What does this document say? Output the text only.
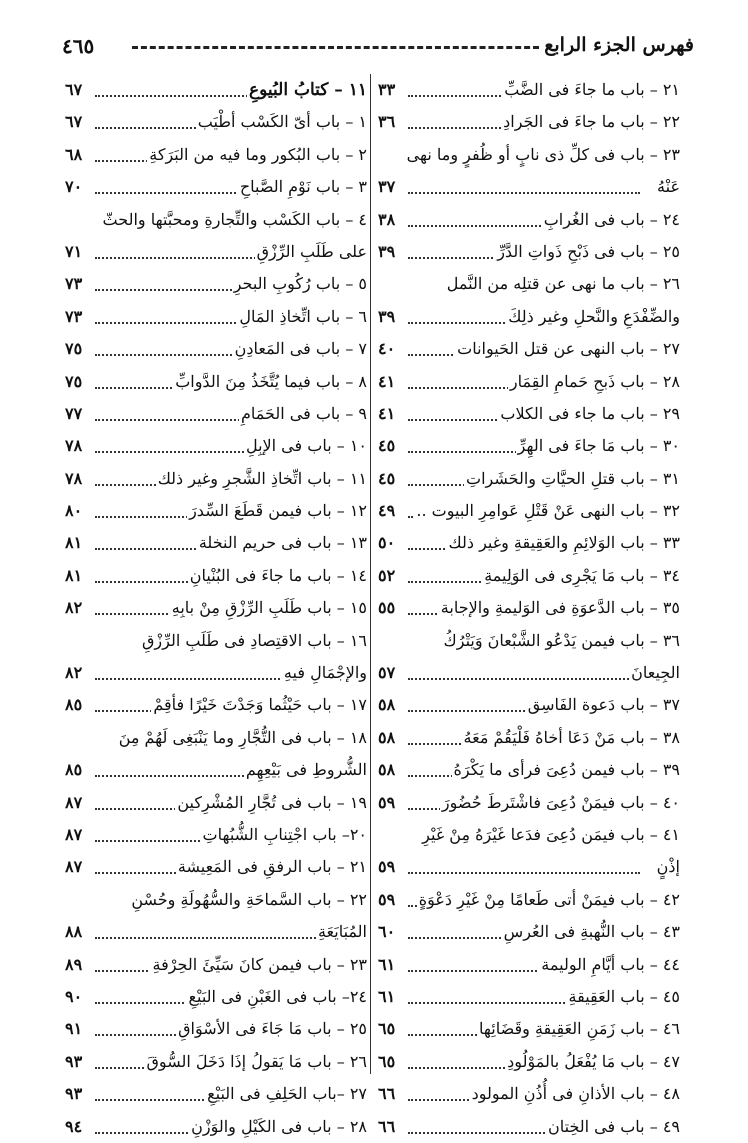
فهرس الجزء الرابع
٤٦٥
٢١ – باب ما جاءَ فى الضَّبِّ
٣٣
٢٢ – باب ما جاءَ فى الجَرادِ
٣٦
٢٣ – باب فى كلِّ ذى نابٍ أو ظُفرٍ وما نهى
عَنْهُ
٣٧
٢٤ – باب فى الغُرابِ
٣٨
٢٥ – باب فى ذَبْحِ ذَواتِ الدَّرِّ
٣٩
٢٦ – باب ما نهى عن قتلِه من النَّمل
والضِّفْدَعِ والنَّحلِ وغير ذلِكَ
٣٩
٢٧ – باب النهى عن قتل الحَيوانات
٤٠
٢٨ – باب ذَبحِ حَمامِ القِمَار
٤١
٢٩ – باب ما جاء فى الكلاب
٤١
٣٠ – باب مَا جاءَ فى الهِرِّ
٤٥
٣١ – باب قتلِ الحيَّاتِ والحَشَراتِ
٤٥
٣٢ – باب النهى عَنْ قَتْلِ عَوامِرِ البيوت ..
٤٩
٣٣ – باب الوَلائِمِ والعَقِيقةِ وغير ذلك
٥٠
٣٤ – باب مَا يَجْرِى فى الوَلِيمةِ
٥٢
٣٥ – باب الدَّعوَةِ فى الوَليمةِ والإجابة
٥٥
٣٦ – باب فيمن يَدْعُو الشَّبْعانَ وَيَتْرُكُ
الجِيعانَ
٥٧
٣٧ – باب دَعوة الفَاسِق
٥٨
٣٨ – باب مَنْ دَعَا أخاهُ فَلْيَقُمْ مَعَهُ
٥٨
٣٩ – باب فيمن دُعِىَ فرأى ما يَكْرَهُ
٥٨
٤٠ – باب فيمَنْ دُعِىَ فاشْتَرطَ حُضُورَ
٥٩
٤١ – باب فيمَن دُعِىَ فدَعا غَيْرَهُ مِنْ غَيْرِ
إذْنٍ
٥٩
٤٢ – باب فيمَنْ أتى طَعامًا مِنْ غَيْرِ دَعْوَةٍ
٥٩
٤٣ – باب النُّهبةِ فى العُرسِ
٦٠
٤٤ – باب أيَّامِ الوليمة
٦١
٤٥ – باب العَقِيقةِ
٦١
٤٦ – باب زَمَنِ العَقِيقةِ وقَضَائِها
٦٥
٤٧ – باب مَا يُفْعَلُ بالمَوْلُودِ
٦٥
٤٨ – باب الأذانِ فى أُذُنِ المولود
٦٦
٤٩ – باب فى الخِتان
٦٦
١١ – كتابُ البُيوعِ
٦٧
١ – باب أىّ الكَسْب أطْيَب
٦٧
٢ – باب البُكور وما فيه من البَرَكةِ
٦٨
٣ – باب نَوْمِ الصَّباحِ
٧٠
٤ – باب الكَسْب والتِّجارةِ ومحبَّتها والحثّ
على طَلَبِ الرِّزْقِ
٧١
٥ – باب رُكُوبِ البحرِ
٧٣
٦ – باب اتِّخاذِ المَالِ
٧٣
٧ – باب فى المَعادِنِ
٧٥
٨ – باب فيما يُتَّخَذُ مِنَ الدَّوابِّ
٧٥
٩ – باب فى الحَمَامِ
٧٧
١٠ – باب فى الإبِلِ
٧٨
١١ – باب اتِّخاذِ الشَّجرِ وغير ذلك
٧٨
١٢ – باب فيمن قَطَعَ السِّدرَ
٨٠
١٣ – باب فى حريم النخلة
٨١
١٤ – باب ما جاءَ فى البُنْيانِ
٨١
١٥ – باب طَلَبِ الرِّزْقِ مِنْ بابِهِ
٨٢
١٦ – باب الاقتِصادِ فى طَلَبِ الرِّزْقِ
والإجْمَالِ فيهِ
٨٢
١٧ – باب حَيْثُما وَجَدْتَ خَيْرًا فأقِمْ
٨٥
١٨ – باب فى التُّجَّارِ وما يَنْبَغِى لَهُمْ مِنَ
الشُّروطِ فى بَيْعِهِم
٨٥
١٩ – باب فى تُجَّارِ المُشْرِكين
٨٧
٢٠– باب اجْتِنابِ الشُّبُهاتِ
٨٧
٢١ – باب الرفقِ فى المَعِيشة
٨٧
٢٢ – باب السَّماحَةِ والسُّهُولَةِ وحُسْنِ
المُبَايَعَةِ
٨٨
٢٣ – باب فيمن كانَ سَيِّئَ الحِرْفةِ
٨٩
٢٤– باب فى الغَبْنِ فى البَيْعِ
٩٠
٢٥ – باب مَا جَاءَ فى الأسْوَاقِ
٩١
٢٦ – باب مَا يَقولُ إذَا دَخَلَ السُّوقَ
٩٣
٢٧ –باب الحَلِفِ فى البَيْعِ
٩٣
٢٨ – باب فى الكَيْلِ والوَزْنِ
٩٤
